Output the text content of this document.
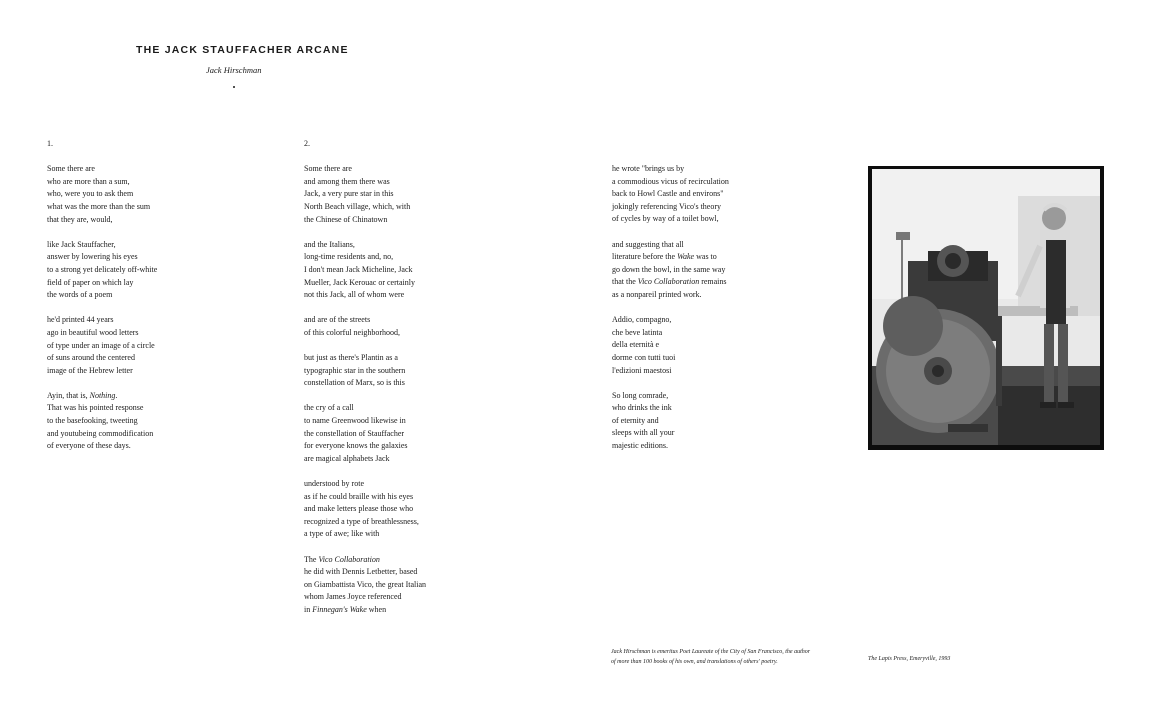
THE JACK STAUFFACHER ARCANE
Jack Hirschman
1.
Some there are
who are more than a sum,
who, were you to ask them
what was the more than the sum
that they are, would,
like Jack Stauffacher,
answer by lowering his eyes
to a strong yet delicately off-white
field of paper on which lay
the words of a poem
he'd printed 44 years
ago in beautiful wood letters
of type under an image of a circle
of suns around the centered
image of the Hebrew letter
Ayin, that is, Nothing.
That was his pointed response
to the basefooking, tweeting
and youtubeing commodification
of everyone of these days.
2.
Some there are
and among them there was
Jack, a very pure star in this
North Beach village, which, with
the Chinese of Chinatown
and the Italians,
long-time residents and, no,
I don't mean Jack Micheline, Jack
Mueller, Jack Kerouac or certainly
not this Jack, all of whom were
and are of the streets
of this colorful neighborhood,
but just as there's Plantin as a
typographic star in the southern
constellation of Marx, so is this
the cry of a call
to name Greenwood likewise in
the constellation of Stauffacher
for everyone knows the galaxies
are magical alphabets Jack
understood by rote
as if he could braille with his eyes
and make letters please those who
recognized a type of breathlessness,
a type of awe; like with
The Vico Collaboration
he did with Dennis Letbetter, based
on Giambattista Vico, the great Italian
whom James Joyce referenced
in Finnegan's Wake when
he wrote "brings us by
a commodious vicus of recirculation
back to Howl Castle and environs"
jokingly referencing Vico's theory
of cycles by way of a toilet bowl,
and suggesting that all
literature before the Wake was to
go down the bowl, in the same way
that the Vico Collaboration remains
as a nonpareil printed work.
Addio, compagno,
che beve latinta
della eternità e
dorme con tutti tuoi
l'edizioni maestosi
So long comrade,
who drinks the ink
of eternity and
sleeps with all your
majestic editions.
Jack Hirschman is emeritus Poet Laureate of the City of San Francisco, the author
of more than 100 books of his own, and translations of others' poetry.	The Lapis Press, Emeryville, 1993
